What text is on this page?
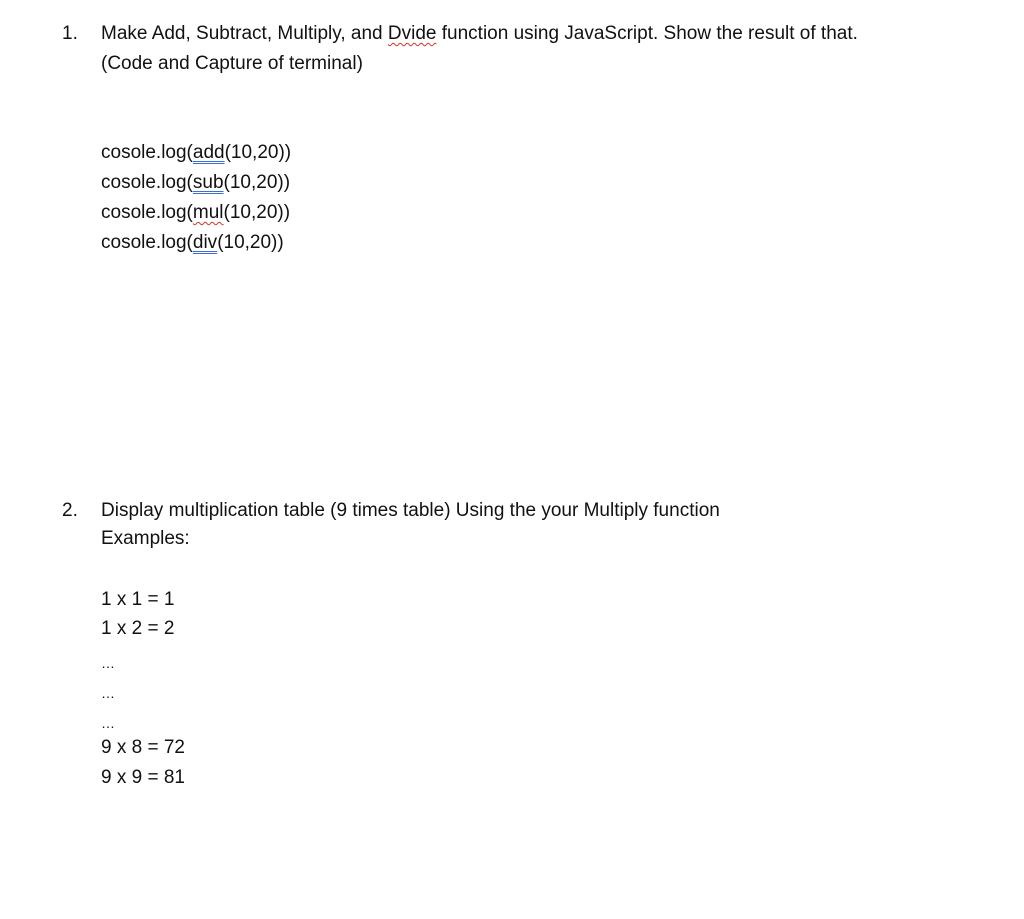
1. Make Add, Subtract, Multiply, and Dvide function using JavaScript. Show the result of that.
(Code and Capture of terminal)
cosole.log(add(10,20))
cosole.log(sub(10,20))
cosole.log(mul(10,20))
cosole.log(div(10,20))
2. Display multiplication table (9 times table) Using the your Multiply function
Examples:
1 x 1 = 1
1 x 2 = 2
…
…
…
9 x 8 = 72
9 x 9 = 81
